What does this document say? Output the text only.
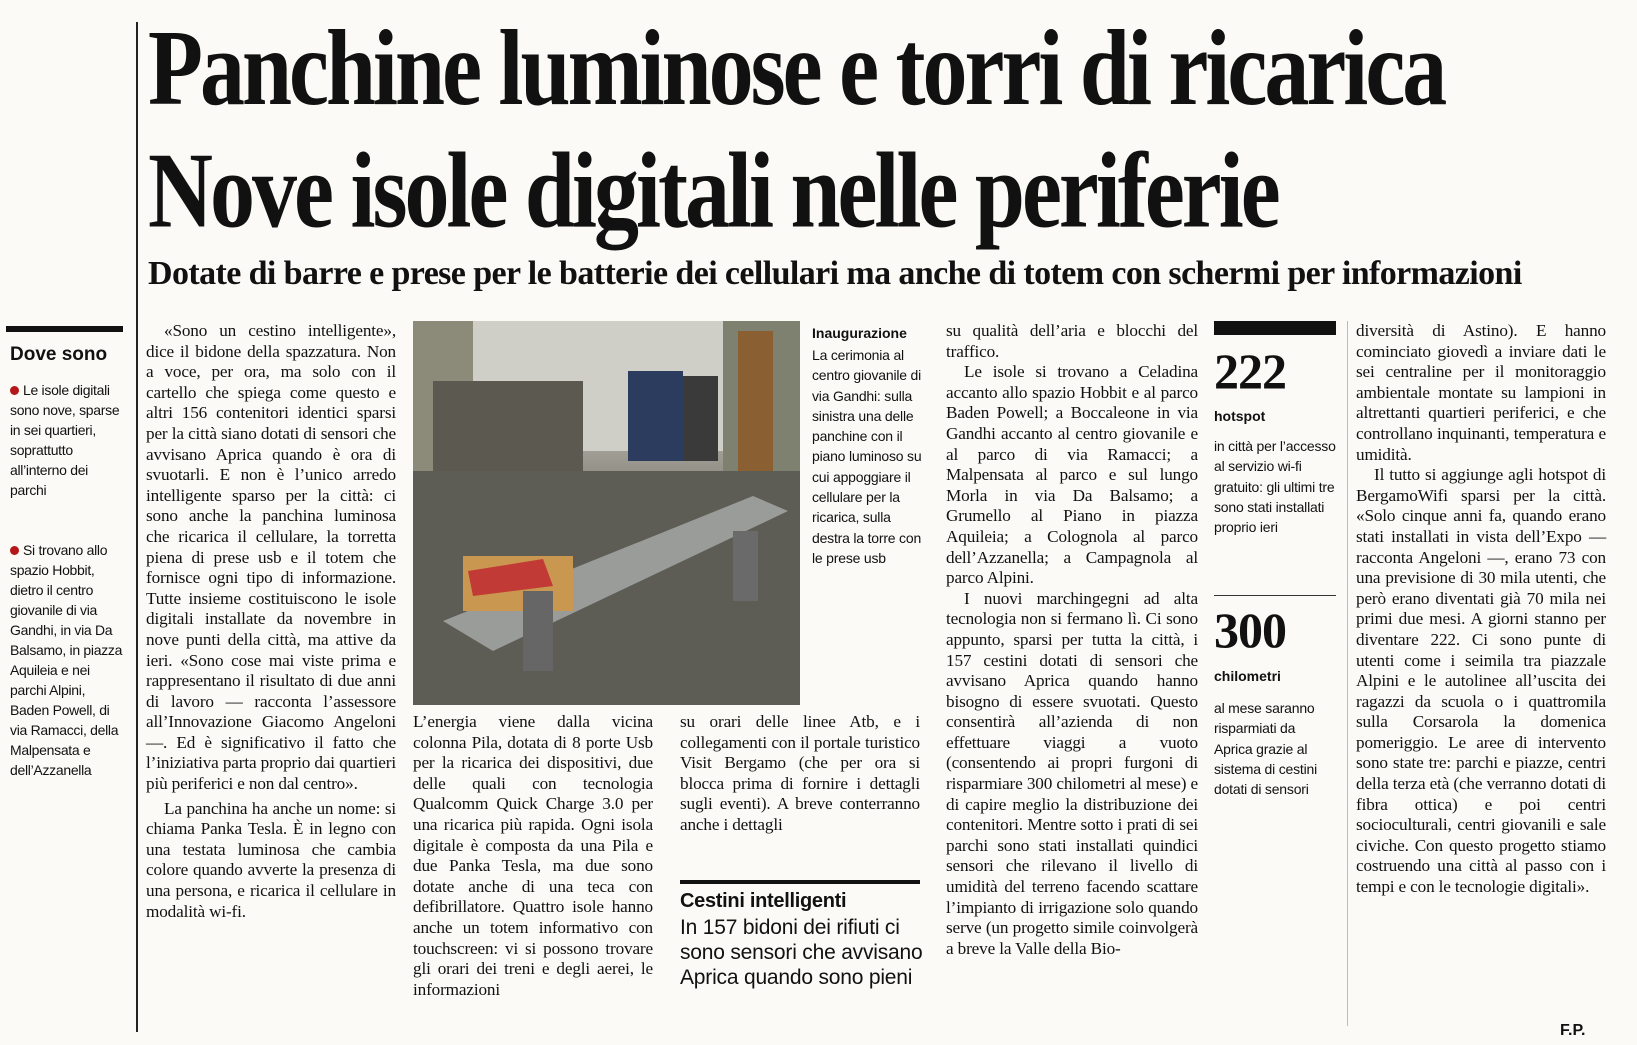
Panchine luminose e torri di ricarica
Nove isole digitali nelle periferie
Dotate di barre e prese per le batterie dei cellulari ma anche di totem con schermi per informazioni
Dove sono
Le isole digitali sono nove, sparse in sei quartieri, soprattutto all’interno dei parchi
Si trovano allo spazio Hobbit, dietro il centro giovanile di via Gandhi, in via Da Balsamo, in piazza Aquileia e nei parchi Alpini, Baden Powell, di via Ramacci, della Malpensata e dell’Azzanella

«Sono un cestino intelligente», dice il bidone della spazzatura. Non a voce, per ora, ma solo con il cartello che spiega come questo e altri 156 contenitori identici sparsi per la città siano dotati di sensori che avvisano Aprica quando è ora di svuotarli. E non è l’unico arredo intelligente sparso per la città: ci sono anche la panchina luminosa che ricarica il cellulare, la torretta piena di prese usb e il totem che fornisce ogni tipo di informazione. Tutte insieme costituiscono le isole digitali installate da novembre in nove punti della città, ma attive da ieri. «Sono cose mai viste prima e rappresentano il risultato di due anni di lavoro — racconta l’assessore all’Innovazione Giacomo Angeloni —. Ed è significativo il fatto che l’iniziativa parta proprio dai quartieri più periferici e non dal centro».

La panchina ha anche un nome: si chiama Panka Tesla. È in legno con una testata luminosa che cambia colore quando avverte la presenza di una persona, e ricarica il cellulare in modalità wi-fi.

Inaugurazione
La cerimonia al centro giovanile di via Gandhi: sulla sinistra una delle panchine con il piano luminoso su cui appoggiare il cellulare per la ricarica, sulla destra la torre con le prese usb

L’energia viene dalla vicina colonna Pila, dotata di 8 porte Usb per la ricarica dei dispositivi, due delle quali con tecnologia Qualcomm Quick Charge 3.0 per una ricarica più rapida. Ogni isola digitale è composta da una Pila e due Panka Tesla, ma due sono dotate anche di una teca con defibrillatore. Quattro isole hanno anche un totem informativo con touchscreen: vi si possono trovare gli orari dei treni e degli aerei, le informazioni

su orari delle linee Atb, e i collegamenti con il portale turistico Visit Bergamo (che per ora si blocca prima di fornire i dettagli sugli eventi). A breve conterranno anche i dettagli

Cestini intelligenti
In 157 bidoni dei rifiuti ci sono sensori che avvisano Aprica quando sono pieni

su qualità dell’aria e blocchi del traffico.

Le isole si trovano a Celadina accanto allo spazio Hobbit e al parco Baden Powell; a Boccaleone in via Gandhi accanto al centro giovanile e al parco di via Ramacci; a Malpensata al parco e sul lungo Morla in via Da Balsamo; a Grumello al Piano in piazza Aquileia; a Colognola al parco dell’Azzanella; a Campagnola al parco Alpini.

I nuovi marchingegni ad alta tecnologia non si fermano lì. Ci sono appunto, sparsi per tutta la città, i 157 cestini dotati di sensori che avvisano Aprica quando hanno bisogno di essere svuotati. Questo consentirà all’azienda di non effettuare viaggi a vuoto (consentendo ai propri furgoni di risparmiare 300 chilometri al mese) e di capire meglio la distribuzione dei contenitori. Mentre sotto i prati di sei parchi sono stati installati quindici sensori che rilevano il livello di umidità del terreno facendo scattare l’impianto di irrigazione solo quando serve (un progetto simile coinvolgerà a breve la Valle della Bio-

222
hotspot
in città per l’accesso al servizio wi-fi gratuito: gli ultimi tre sono stati installati proprio ieri
300
chilometri
al mese saranno risparmiati da Aprica grazie al sistema di cestini dotati di sensori

diversità di Astino). E hanno cominciato giovedì a inviare dati le sei centraline per il monitoraggio ambientale montate su lampioni in altrettanti quartieri periferici, e che controllano inquinanti, temperatura e umidità.

Il tutto si aggiunge agli hotspot di BergamoWifi sparsi per la città. «Solo cinque anni fa, quando erano stati installati in vista dell’Expo — racconta Angeloni —, erano 73 con una previsione di 30 mila utenti, che però erano diventati già 70 mila nei primi due mesi. A giorni stanno per diventare 222. Ci sono punte di utenti come i seimila tra piazzale Alpini e le autolinee all’uscita dei ragazzi da scuola o i quattromila sulla Corsarola la domenica pomeriggio. Le aree di intervento sono state tre: parchi e piazze, centri della terza età (che verranno dotati di fibra ottica) e poi centri socioculturali, centri giovanili e sale civiche. Con questo progetto stiamo costruendo una città al passo con i tempi e con le tecnologie digitali».

F.P.
